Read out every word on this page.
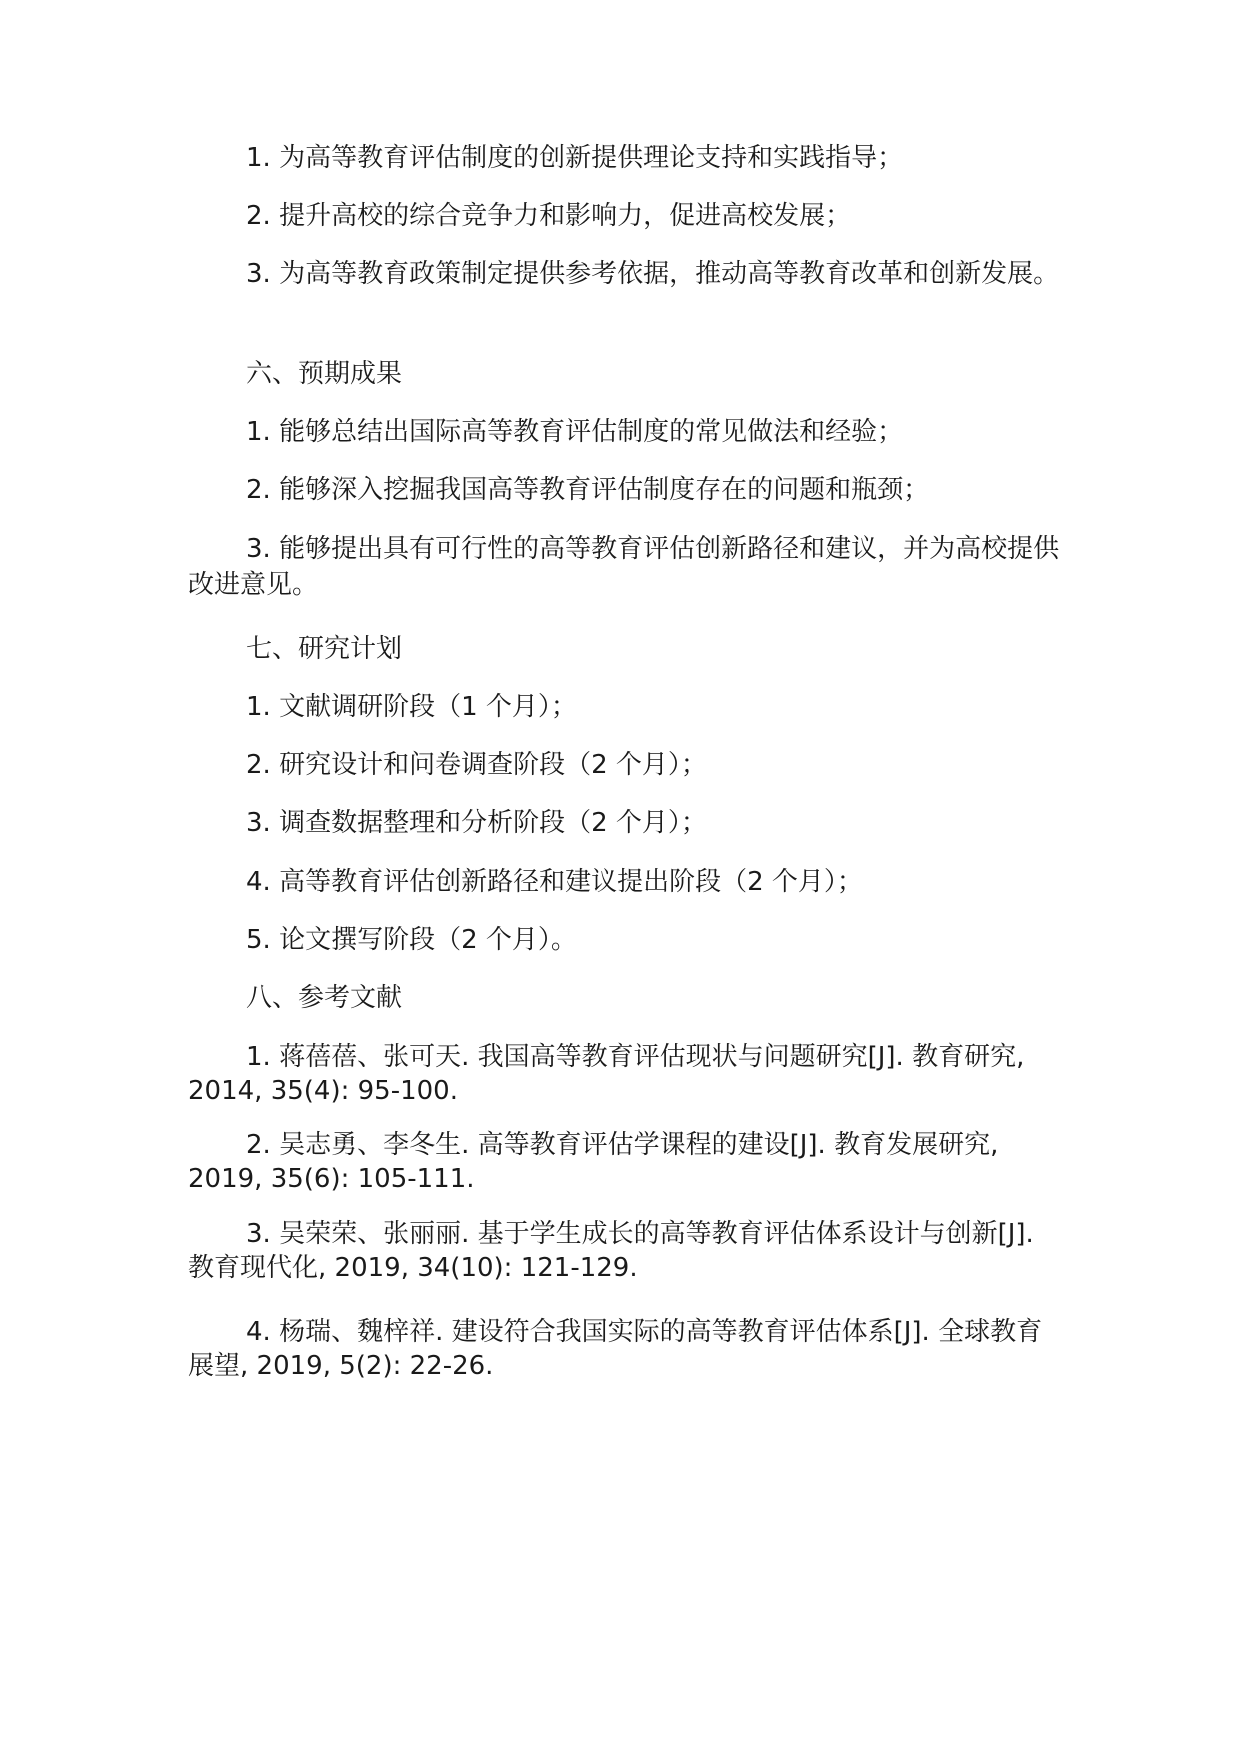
1. 为高等教育评估制度的创新提供理论支持和实践指导；

2. 提升高校的综合竞争力和影响力，促进高校发展；

3. 为高等教育政策制定提供参考依据，推动高等教育改革和创新发展。

六、预期成果

1. 能够总结出国际高等教育评估制度的常见做法和经验；

2. 能够深入挖掘我国高等教育评估制度存在的问题和瓶颈；

3. 能够提出具有可行性的高等教育评估创新路径和建议，并为高校提供改进意见。

七、研究计划

1. 文献调研阶段（1 个月）；

2. 研究设计和问卷调查阶段（2 个月）；

3. 调查数据整理和分析阶段（2 个月）；

4. 高等教育评估创新路径和建议提出阶段（2 个月）；

5. 论文撰写阶段（2 个月）。

八、参考文献

1. 蒋蓓蓓、张可天. 我国高等教育评估现状与问题研究[J]. 教育研究, 2014, 35(4): 95-100.

2. 吴志勇、李冬生. 高等教育评估学课程的建设[J]. 教育发展研究, 2019, 35(6): 105-111.

3. 吴荣荣、张丽丽. 基于学生成长的高等教育评估体系设计与创新[J]. 教育现代化, 2019, 34(10): 121-129.

4. 杨瑞、魏梓祥. 建设符合我国实际的高等教育评估体系[J]. 全球教育展望, 2019, 5(2): 22-26.
